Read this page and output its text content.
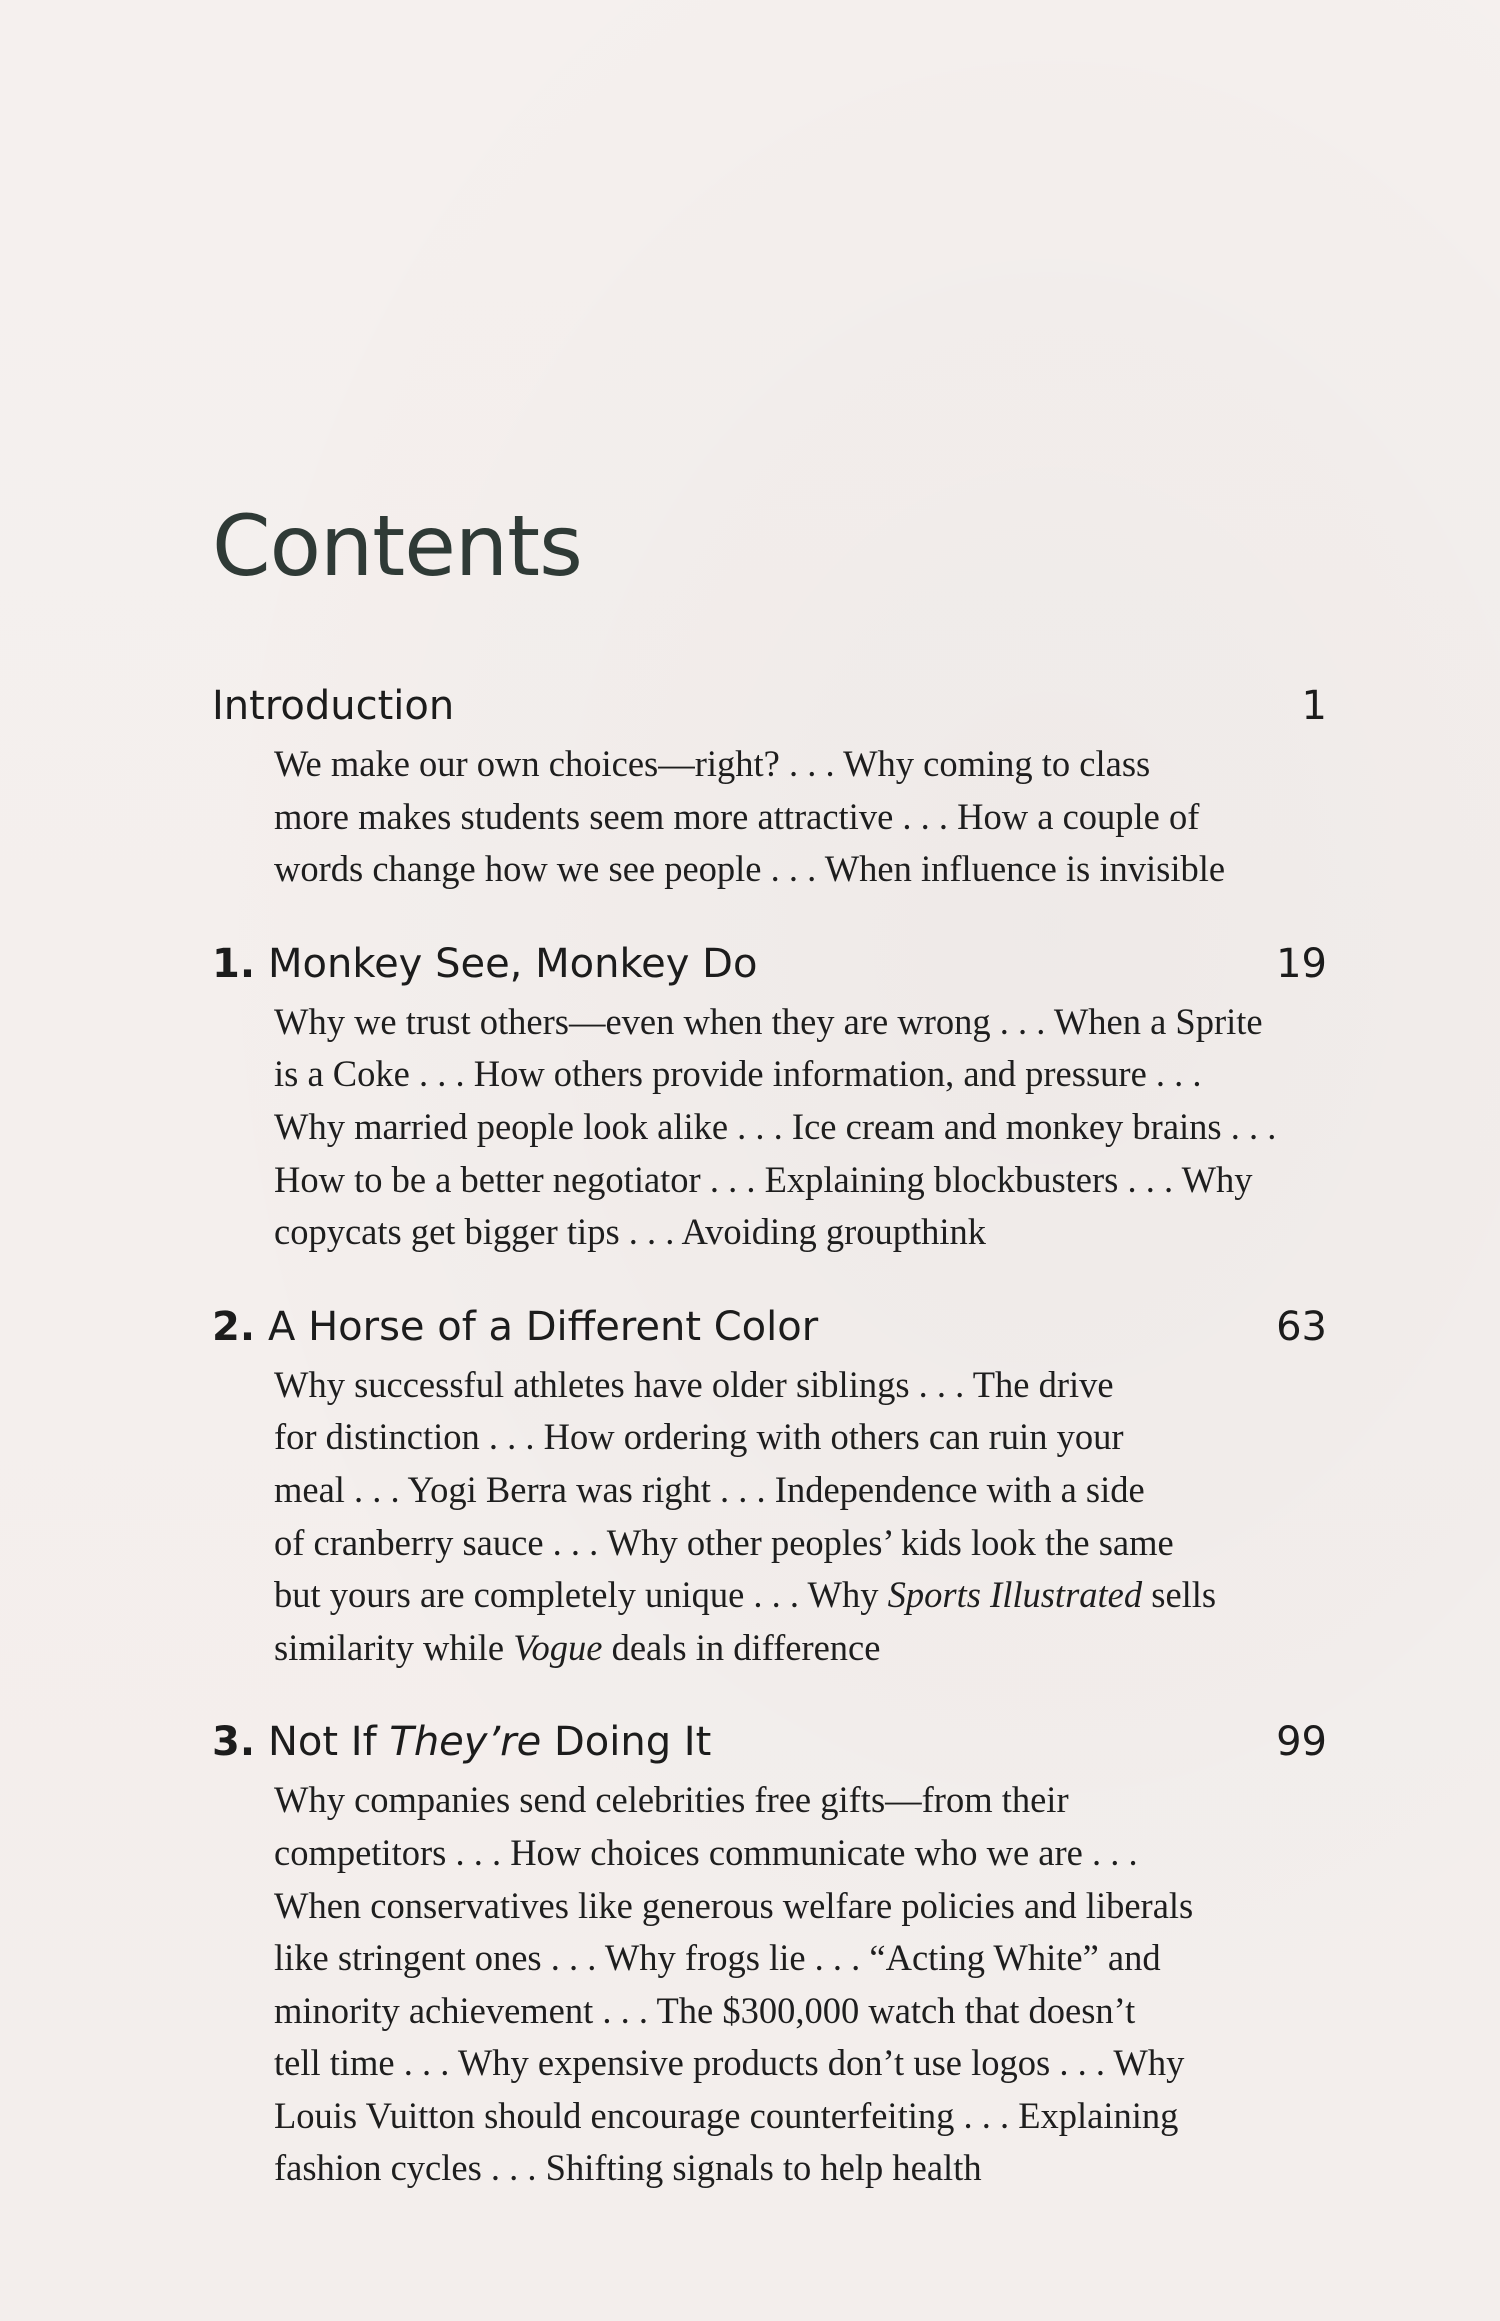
Contents
Introduction	1
We make our own choices—right? . . . Why coming to class
more makes students seem more attractive . . . How a couple of
words change how we see people . . . When influence is invisible
1. Monkey See, Monkey Do	19
Why we trust others—even when they are wrong . . . When a Sprite
is a Coke . . . How others provide information, and pressure . . .
Why married people look alike . . . Ice cream and monkey brains . . .
How to be a better negotiator . . . Explaining blockbusters . . . Why
copycats get bigger tips . . . Avoiding groupthink
2. A Horse of a Different Color	63
Why successful athletes have older siblings . . . The drive
for distinction . . . How ordering with others can ruin your
meal . . . Yogi Berra was right . . . Independence with a side
of cranberry sauce . . . Why other peoples’ kids look the same
but yours are completely unique . . . Why Sports Illustrated sells
similarity while Vogue deals in difference
3. Not If They’re Doing It	99
Why companies send celebrities free gifts—from their
competitors . . . How choices communicate who we are . . .
When conservatives like generous welfare policies and liberals
like stringent ones . . . Why frogs lie . . . “Acting White” and
minority achievement . . . The $300,000 watch that doesn’t
tell time . . . Why expensive products don’t use logos . . . Why
Louis Vuitton should encourage counterfeiting . . . Explaining
fashion cycles . . . Shifting signals to help health
